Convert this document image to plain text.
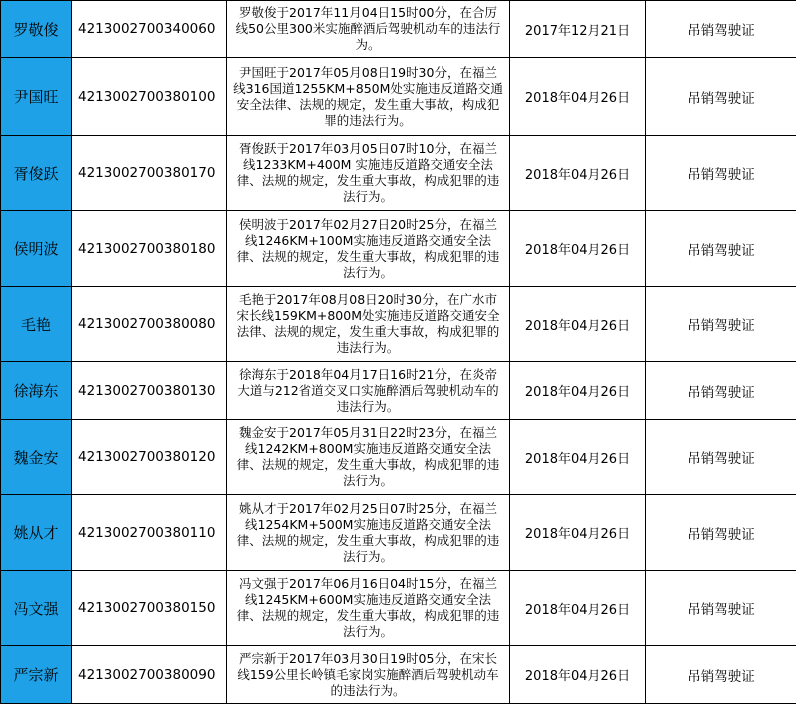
罗敬俊	4213002700340060	罗敬俊于2017年11月04日15时00分，在合厉线50公里300米实施醉酒后驾驶机动车的违法行为。	2017年12月21日	吊销驾驶证
尹国旺	4213002700380100	尹国旺于2017年05月08日19时30分，在福兰线316国道1255KM+850M处实施违反道路交通安全法律、法规的规定，发生重大事故，构成犯罪的违法行为。	2018年04月26日	吊销驾驶证
胥俊跃	4213002700380170	胥俊跃于2017年03月05日07时10分，在福兰线1233KM+400M 实施违反道路交通安全法律、法规的规定，发生重大事故，构成犯罪的违法行为。	2018年04月26日	吊销驾驶证
侯明波	4213002700380180	侯明波于2017年02月27日20时25分，在福兰线1246KM+100M实施违反道路交通安全法律、法规的规定，发生重大事故，构成犯罪的违法行为。	2018年04月26日	吊销驾驶证
毛艳	4213002700380080	毛艳于2017年08月08日20时30分，在广水市宋长线159KM+800M处实施违反道路交通安全法律、法规的规定，发生重大事故，构成犯罪的违法行为。	2018年04月26日	吊销驾驶证
徐海东	4213002700380130	徐海东于2018年04月17日16时21分，在炎帝大道与212省道交叉口实施醉酒后驾驶机动车的违法行为。	2018年04月26日	吊销驾驶证
魏金安	4213002700380120	魏金安于2017年05月31日22时23分，在福兰线1242KM+800M实施违反道路交通安全法律、法规的规定，发生重大事故，构成犯罪的违法行为。	2018年04月26日	吊销驾驶证
姚从才	4213002700380110	姚从才于2017年02月25日07时25分，在福兰线1254KM+500M实施违反道路交通安全法律、法规的规定，发生重大事故，构成犯罪的违法行为。	2018年04月26日	吊销驾驶证
冯文强	4213002700380150	冯文强于2017年06月16日04时15分，在福兰线1245KM+600M实施违反道路交通安全法律、法规的规定，发生重大事故，构成犯罪的违法行为。	2018年04月26日	吊销驾驶证
严宗新	4213002700380090	严宗新于2017年03月30日19时05分，在宋长线159公里长岭镇毛家岗实施醉酒后驾驶机动车的违法行为。	2018年04月26日	吊销驾驶证
